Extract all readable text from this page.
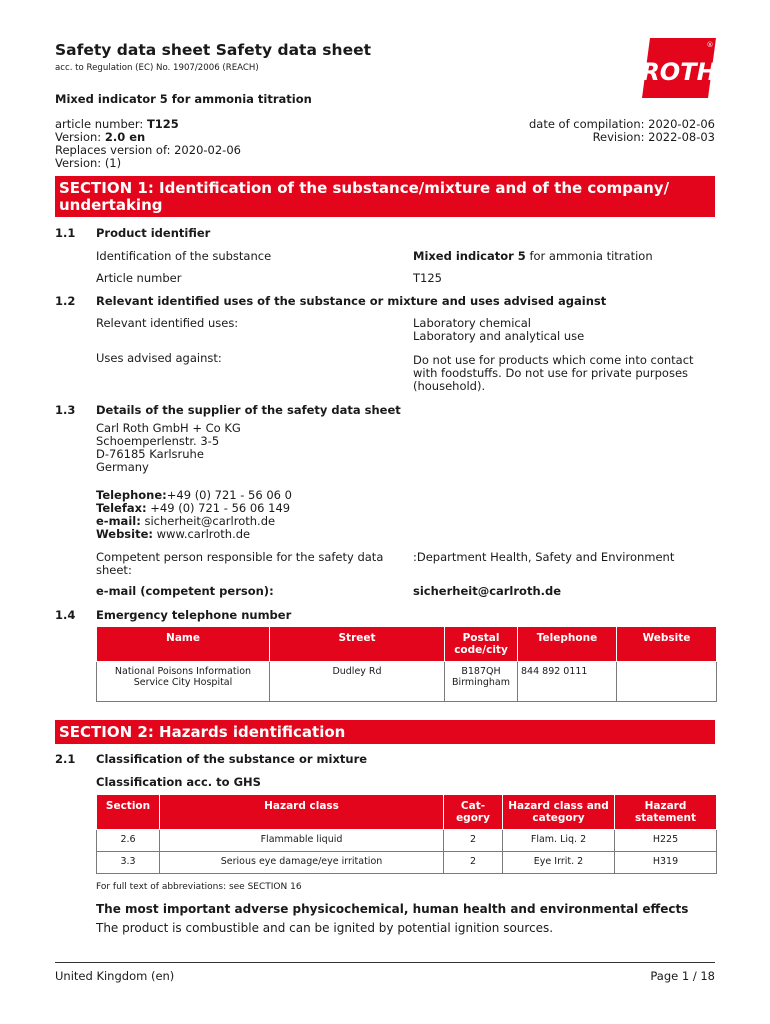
Safety data sheet Safety data sheet
acc. to Regulation (EC) No. 1907/2006 (REACH)	ROTH
®
Mixed indicator 5 for ammonia titration
article number: T125
Version: 2.0 en
Replaces version of: 2020-02-06
Version: (1)
date of compilation: 2020-02-06
Revision: 2022-08-03
SECTION 1: Identification of the substance/mixture and of the company/ undertaking
1.1 Product identifier
Identification of the substance	Mixed indicator 5 for ammonia titration
Article number	T125
1.2 Relevant identified uses of the substance or mixture and uses advised against
Relevant identified uses:	Laboratory chemical
Laboratory and analytical use
Uses advised against:	Do not use for products which come into contact
with foodstuffs. Do not use for private purposes
(household).
1.3 Details of the supplier of the safety data sheet
Carl Roth GmbH + Co KG
Schoemperlenstr. 3-5
D-76185 Karlsruhe
Germany
Telephone:+49 (0) 721 - 56 06 0
Telefax: +49 (0) 721 - 56 06 149
e-mail: sicherheit@carlroth.de
Website: www.carlroth.de
Competent person responsible for the safety data
sheet:
:Department Health, Safety and Environment
e-mail (competent person):	sicherheit@carlroth.de
1.4 Emergency telephone number
Name	Street	Postal code/city	Telephone	Website
National Poisons Information Service City Hospital	Dudley Rd	B187QH Birmingham	844 892 0111	
SECTION 2: Hazards identification
2.1 Classification of the substance or mixture
Classification acc. to GHS
Section	Hazard class	Cat-egory	Hazard class and category	Hazard statement
2.6	Flammable liquid	2	Flam. Liq. 2	H225
3.3	Serious eye damage/eye irritation	2	Eye Irrit. 2	H319
For full text of abbreviations: see SECTION 16
The most important adverse physicochemical, human health and environmental effects
The product is combustible and can be ignited by potential ignition sources.
United Kingdom (en)	Page 1 / 18
